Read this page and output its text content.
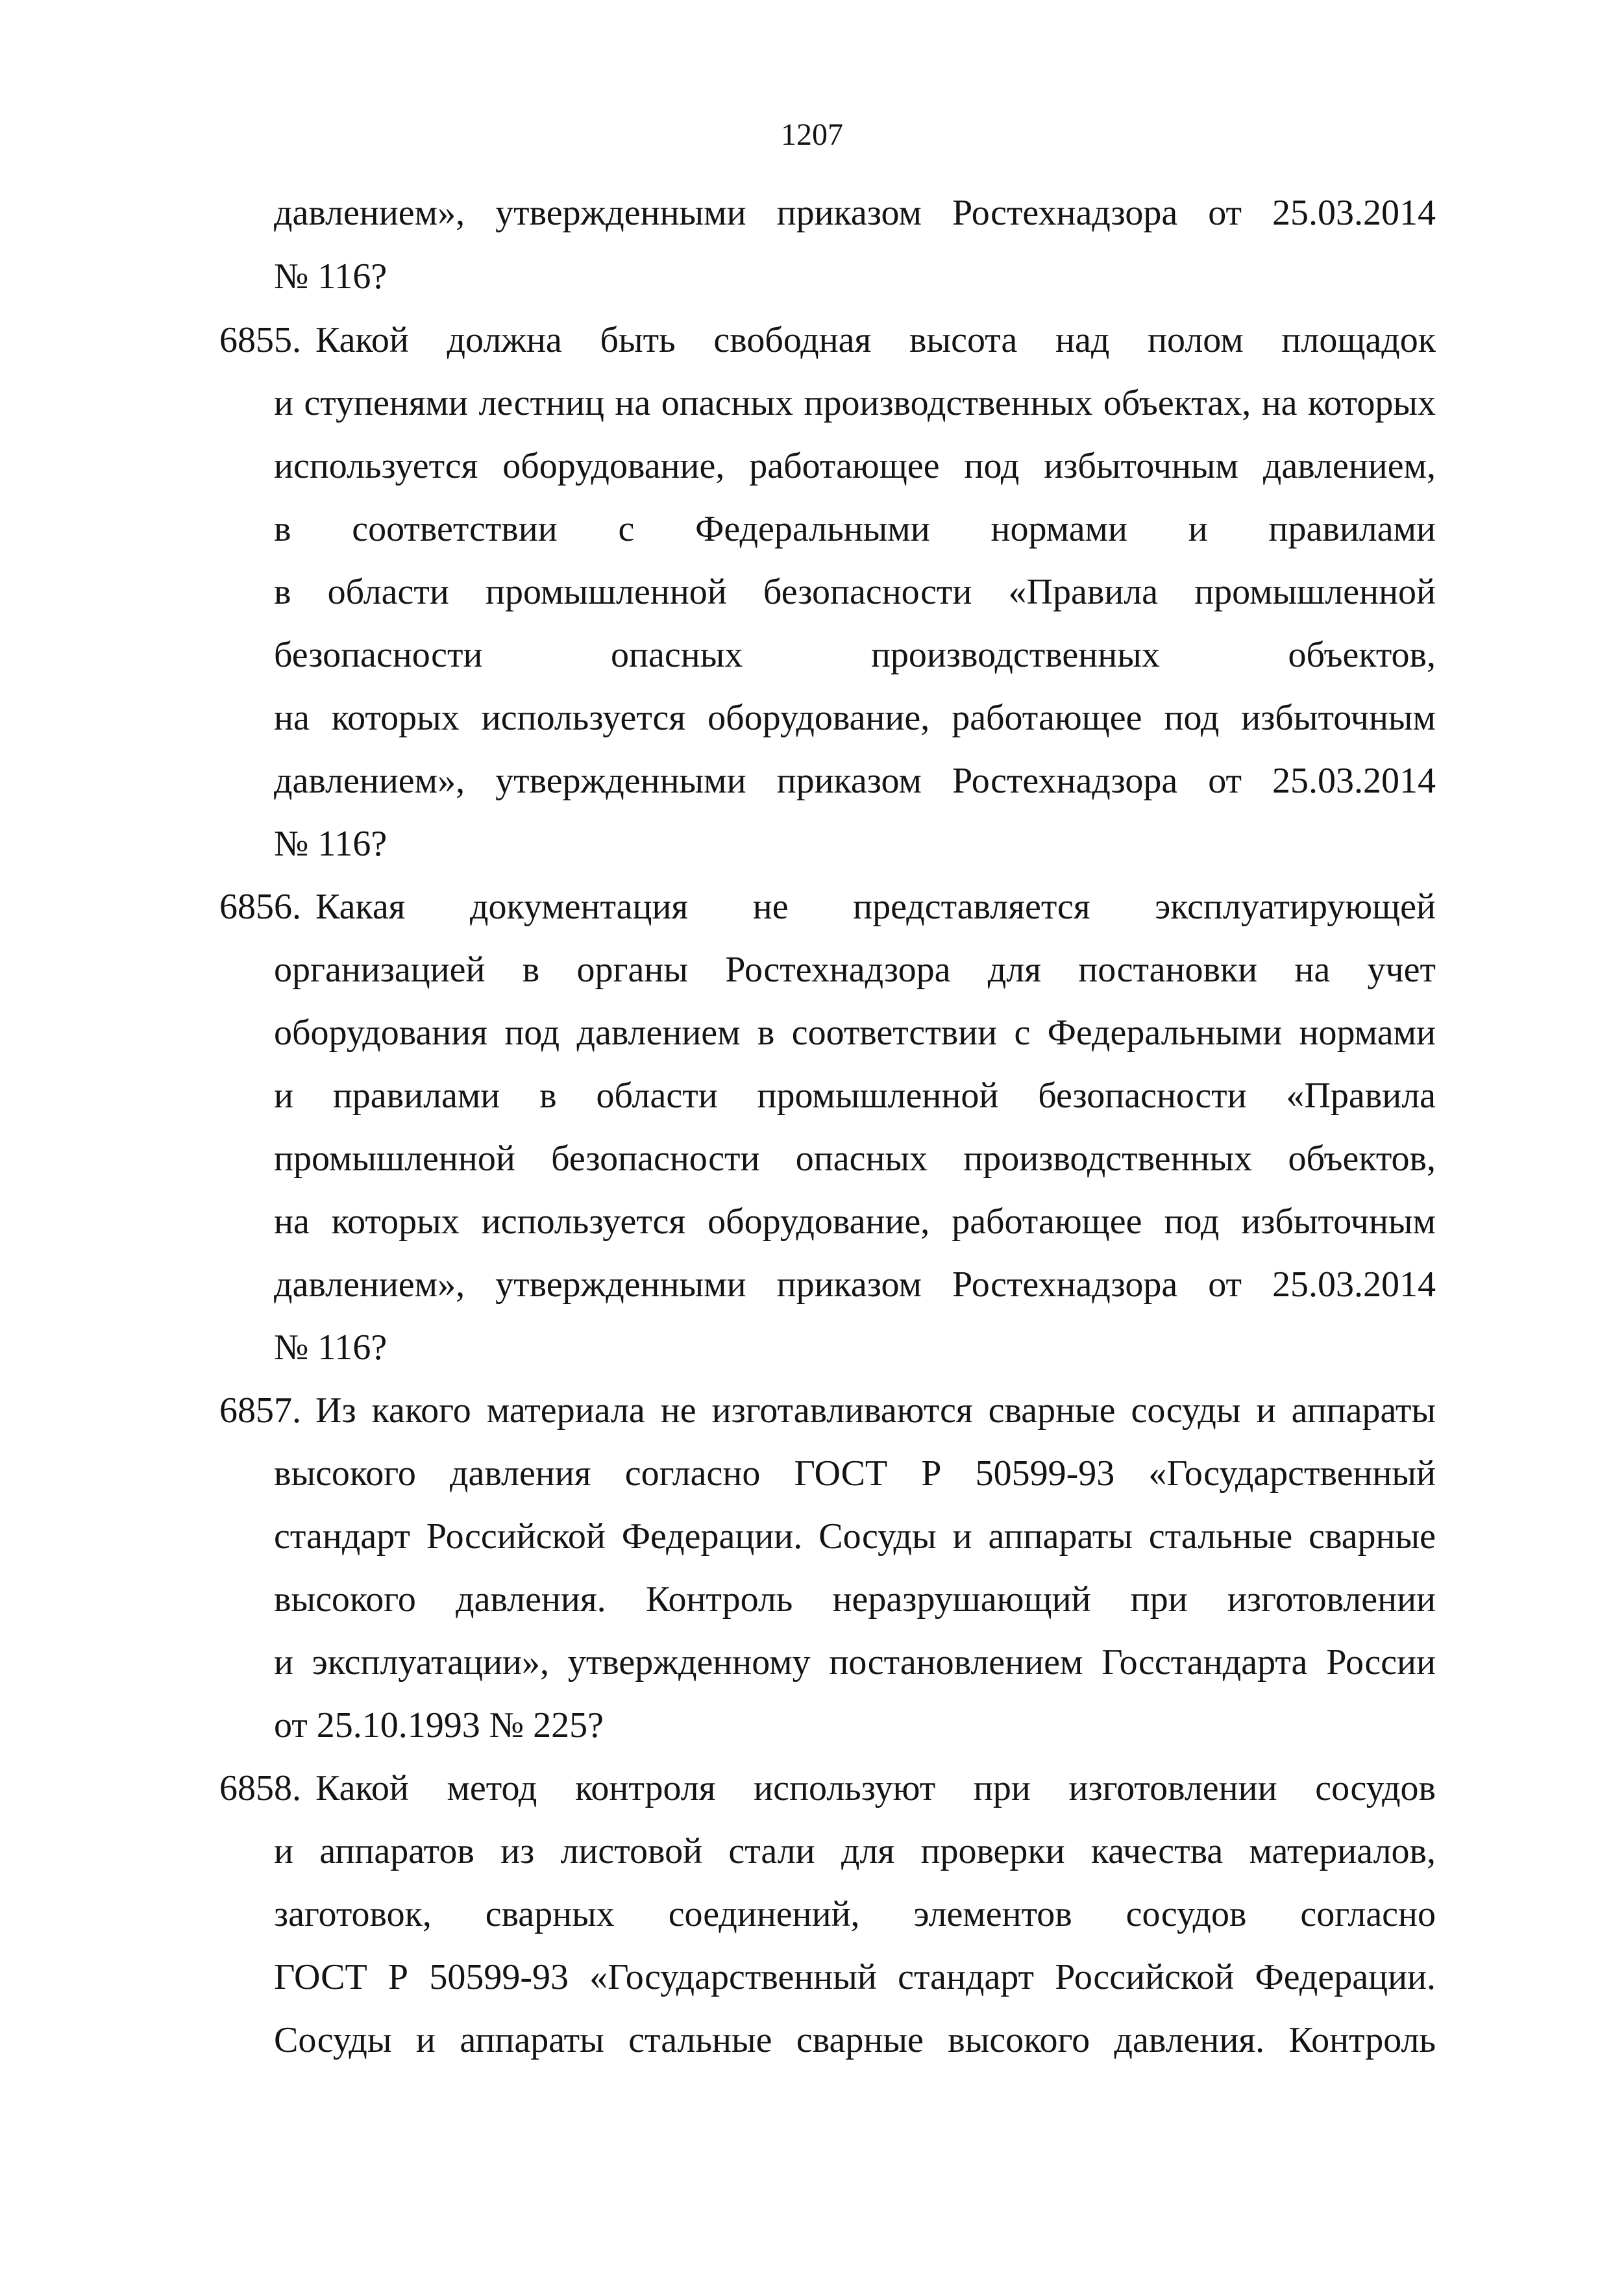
1207
давлением», утвержденными приказом Ростехнадзора от 25.03.2014
№ 116?
6855. Какой должна быть свободная высота над полом площадок
и ступенями лестниц на опасных производственных объектах, на которых
используется оборудование, работающее под избыточным давлением,
в соответствии с Федеральными нормами и правилами
в области промышленной безопасности «Правила промышленной
безопасности опасных производственных объектов,
на которых используется оборудование, работающее под избыточным
давлением», утвержденными приказом Ростехнадзора от 25.03.2014
№ 116?
6856. Какая документация не представляется эксплуатирующей
организацией в органы Ростехнадзора для постановки на учет
оборудования под давлением в соответствии с Федеральными нормами
и правилами в области промышленной безопасности «Правила
промышленной безопасности опасных производственных объектов,
на которых используется оборудование, работающее под избыточным
давлением», утвержденными приказом Ростехнадзора от 25.03.2014
№ 116?
6857. Из какого материала не изготавливаются сварные сосуды и аппараты
высокого давления согласно ГОСТ Р 50599-93 «Государственный
стандарт Российской Федерации. Сосуды и аппараты стальные сварные
высокого давления. Контроль неразрушающий при изготовлении
и эксплуатации», утвержденному постановлением Госстандарта России
от 25.10.1993 № 225?
6858. Какой метод контроля используют при изготовлении сосудов
и аппаратов из листовой стали для проверки качества материалов,
заготовок, сварных соединений, элементов сосудов согласно
ГОСТ Р 50599-93 «Государственный стандарт Российской Федерации.
Сосуды и аппараты стальные сварные высокого давления. Контроль
